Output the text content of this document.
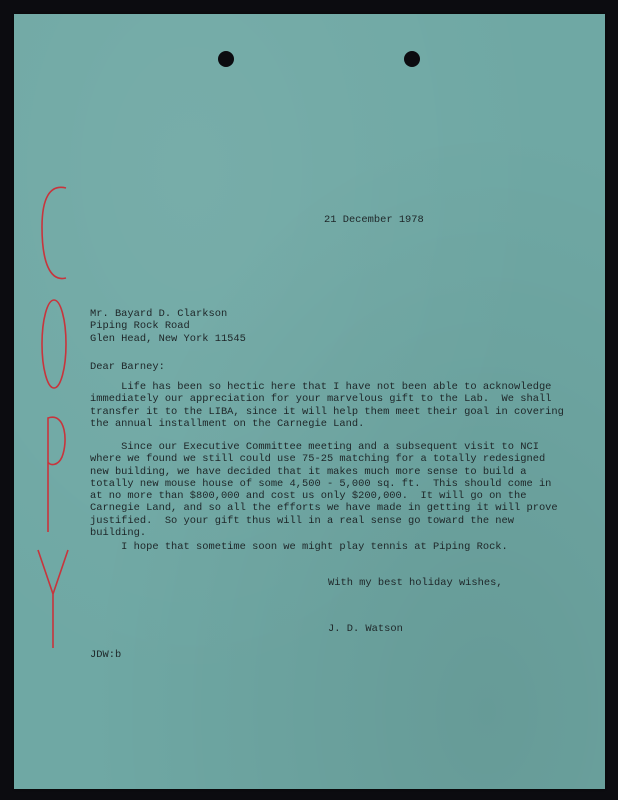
21 December 1978

Mr. Bayard D. Clarkson
Piping Rock Road
Glen Head, New York 11545

Dear Barney:

Life has been so hectic here that I have not been able to acknowledge
immediately our appreciation for your marvelous gift to the Lab.  We shall
transfer it to the LIBA, since it will help them meet their goal in covering
the annual installment on the Carnegie Land.

Since our Executive Committee meeting and a subsequent visit to NCI
where we found we still could use 75-25 matching for a totally redesigned
new building, we have decided that it makes much more sense to build a
totally new mouse house of some 4,500 - 5,000 sq. ft.  This should come in
at no more than $800,000 and cost us only $200,000.  It will go on the
Carnegie Land, and so all the efforts we have made in getting it will prove
justified.  So your gift thus will in a real sense go toward the new
building.

I hope that sometime soon we might play tennis at Piping Rock.

With my best holiday wishes,

J. D. Watson

JDW:b
